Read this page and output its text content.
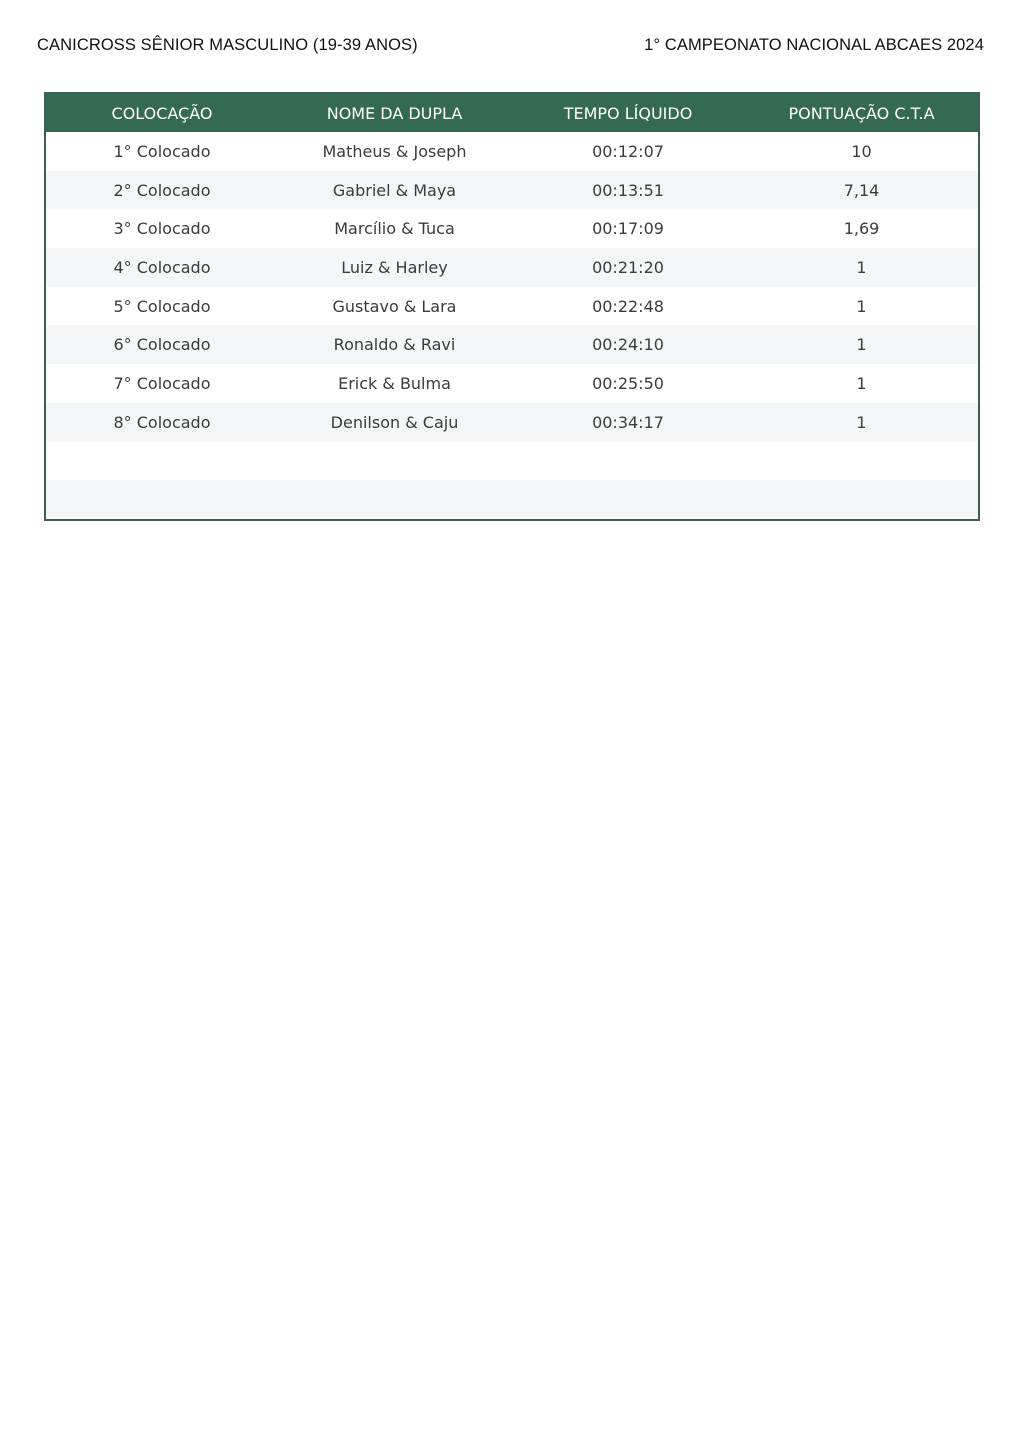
CANICROSS SÊNIOR MASCULINO (19-39 ANOS)	1° CAMPEONATO NACIONAL ABCAES 2024
COLOCAÇÃO	NOME DA DUPLA	TEMPO LÍQUIDO	PONTUAÇÃO C.T.A
1° Colocado	Matheus & Joseph	00:12:07	10
2° Colocado	Gabriel & Maya	00:13:51	7,14
3° Colocado	Marcílio & Tuca	00:17:09	1,69
4° Colocado	Luiz & Harley	00:21:20	1
5° Colocado	Gustavo & Lara	00:22:48	1
6° Colocado	Ronaldo & Ravi	00:24:10	1
7° Colocado	Erick & Bulma	00:25:50	1
8° Colocado	Denilson & Caju	00:34:17	1
